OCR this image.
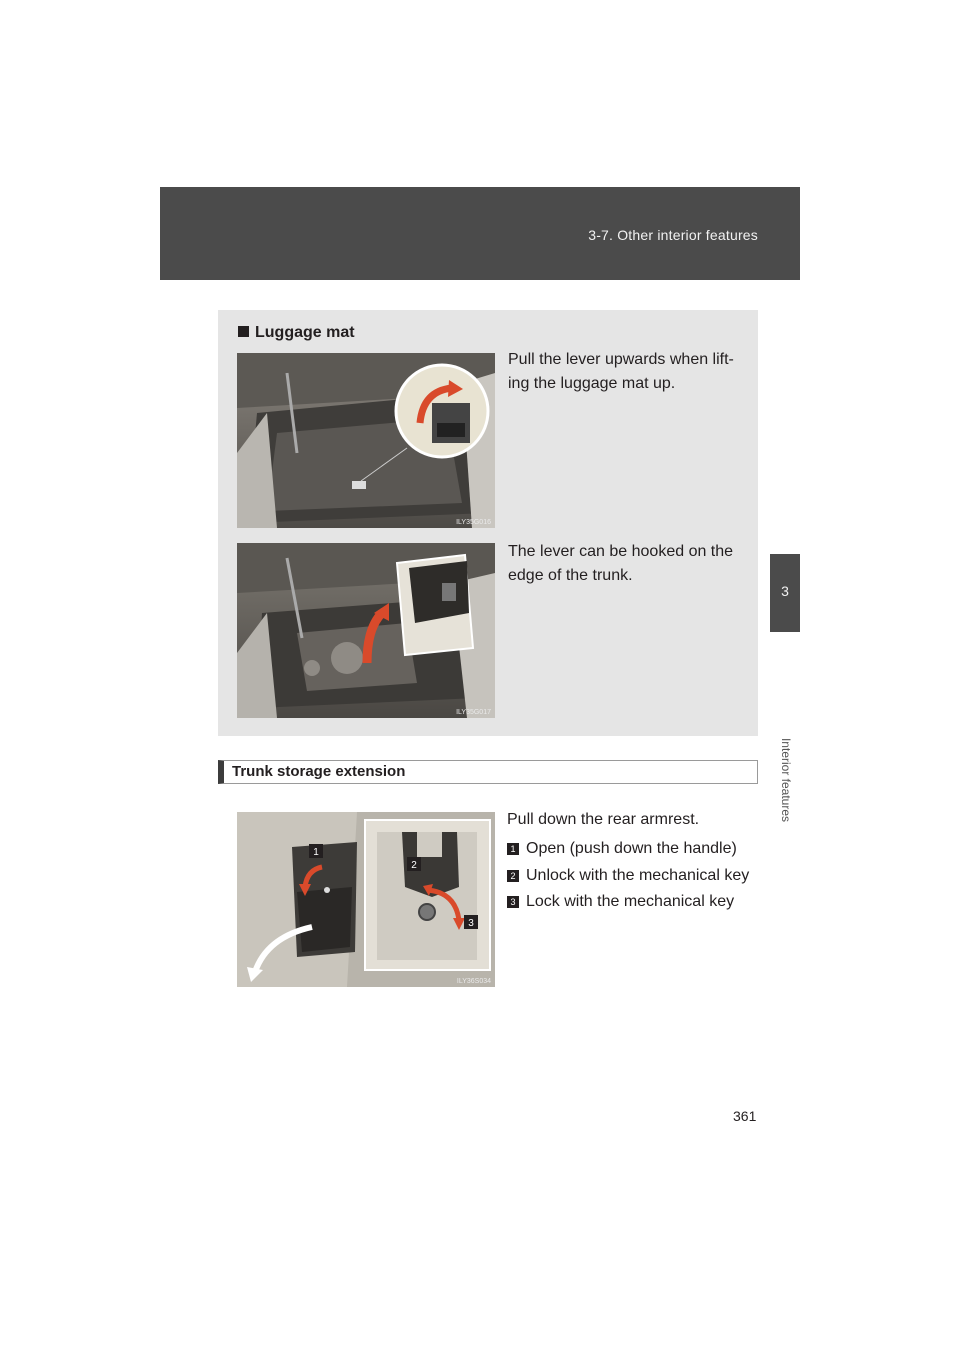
3-7. Other interior features
3
Interior features
Luggage mat
ILY35G016
Pull the lever upwards when lift-
ing the luggage mat up.
ILY35G017
The lever can be hooked on the
edge of the trunk.
Trunk storage extension
1
2
3
ILY36S034
Pull down the rear armrest.
1 Open (push down the handle)
2 Unlock with the mechanical key
3 Lock with the mechanical key
361
